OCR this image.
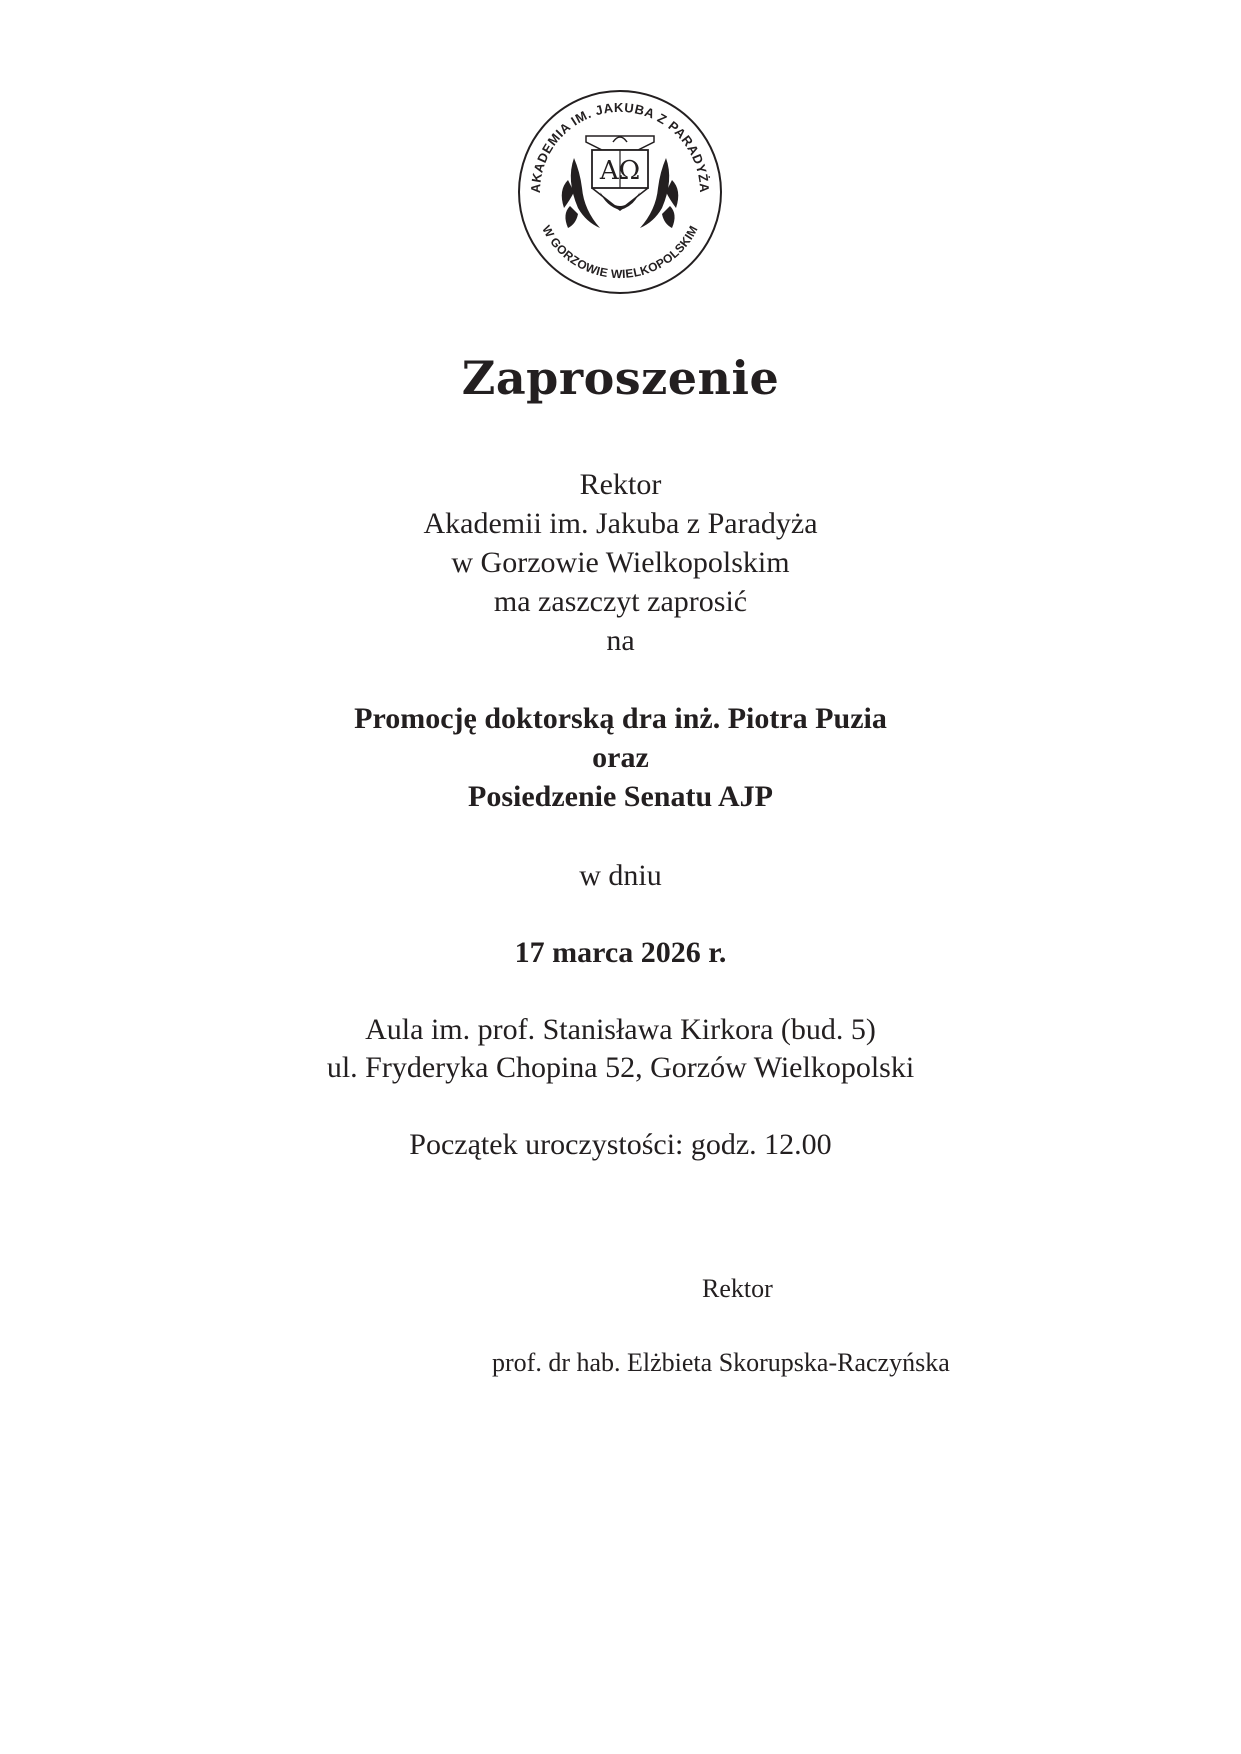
AKADEMIA IM. JAKUBA Z PARADYŻA
W GORZOWIE WIELKOPOLSKIM
ΑΩ
Zaproszenie
Rektor
Akademii im. Jakuba z Paradyża
w Gorzowie Wielkopolskim
ma zaszczyt zaprosić
na
Promocję doktorską dra inż. Piotra Puzia
oraz
Posiedzenie Senatu AJP
w dniu
17 marca 2026 r.
Aula im. prof. Stanisława Kirkora (bud. 5)
ul. Fryderyka Chopina 52, Gorzów Wielkopolski
Początek uroczystości: godz. 12.00
Rektor
prof. dr hab. Elżbieta Skorupska-Raczyńska
